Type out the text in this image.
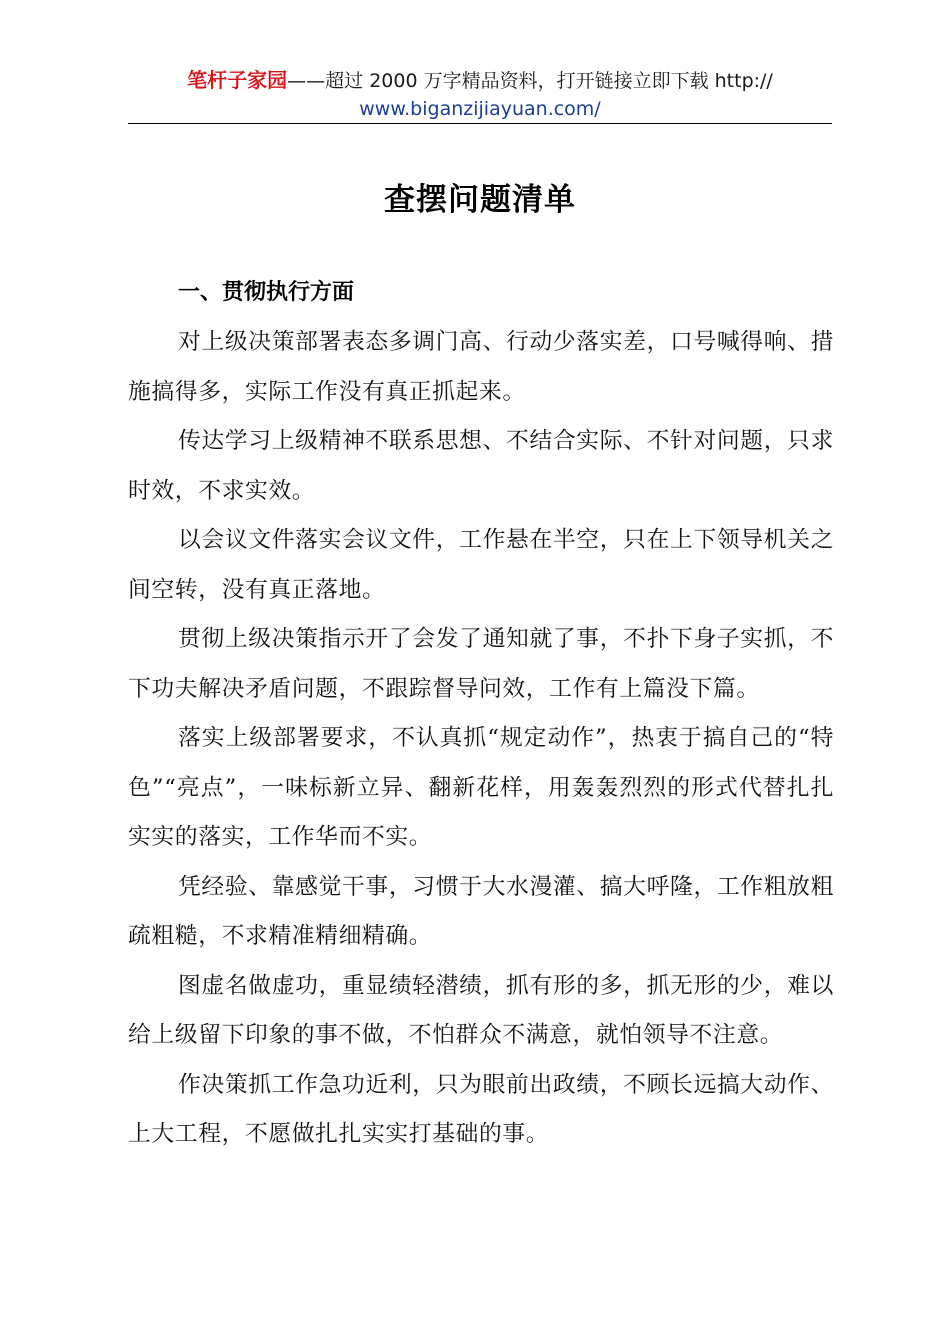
笔杆子家园——超过 2000 万字精品资料，打开链接立即下载 http://
www.biganzijiayuan.com/
查摆问题清单

一、贯彻执行方面

对上级决策部署表态多调门高、行动少落实差，口号喊得响、措施搞得多，实际工作没有真正抓起来。

传达学习上级精神不联系思想、不结合实际、不针对问题，只求时效，不求实效。

以会议文件落实会议文件，工作悬在半空，只在上下领导机关之间空转，没有真正落地。

贯彻上级决策指示开了会发了通知就了事，不扑下身子实抓，不下功夫解决矛盾问题，不跟踪督导问效，工作有上篇没下篇。

落实上级部署要求，不认真抓“规定动作”，热衷于搞自己的“特色”“亮点”，一味标新立异、翻新花样，用轰轰烈烈的形式代替扎扎实实的落实，工作华而不实。

凭经验、靠感觉干事，习惯于大水漫灌、搞大呼隆，工作粗放粗疏粗糙，不求精准精细精确。

图虚名做虚功，重显绩轻潜绩，抓有形的多，抓无形的少，难以给上级留下印象的事不做，不怕群众不满意，就怕领导不注意。

作决策抓工作急功近利，只为眼前出政绩，不顾长远搞大动作、上大工程，不愿做扎扎实实打基础的事。
